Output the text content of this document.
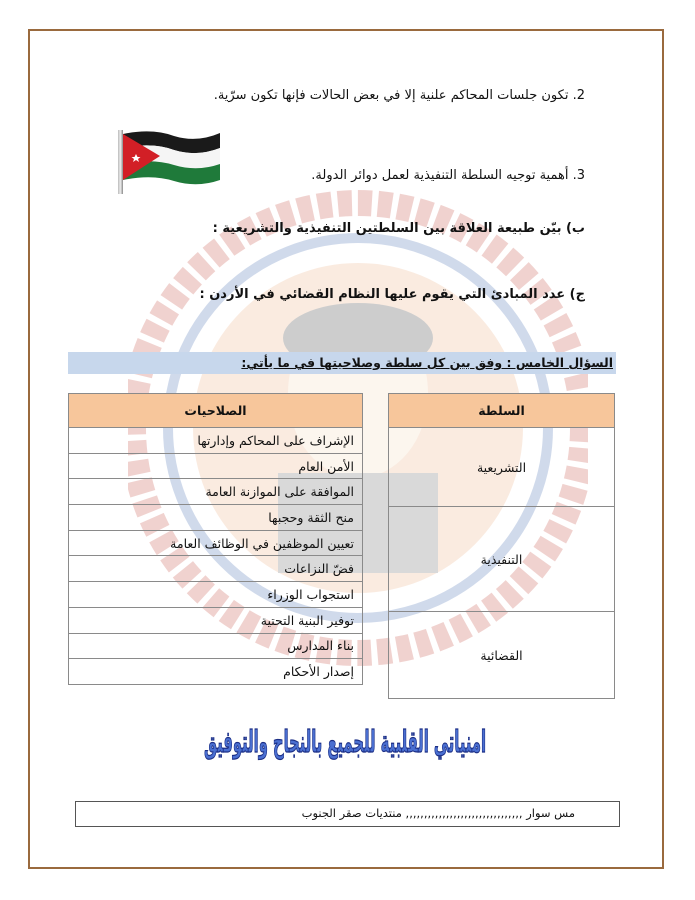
2. تكون جلسات المحاكم علنية إلا في بعض الحالات فإنها تكون سرّية.
3. أهمية توجيه السلطة التنفيذية لعمل دوائر الدولة.
ب) بيّن طبيعة العلاقة بين السلطتين التنفيذية والتشريعية :
ج) عدد المبادئ التي يقوم عليها النظام القضائي في الأردن :
السؤال الخامس : وفق بين كل سلطة وصلاحيتها في ما يأتي:
السلطة
التشريعية
التنفيذية
القضائية
الصلاحيات
الإشراف على المحاكم وإدارتها
الأمن العام
الموافقة على الموازنة العامة
منح الثقة وحجبها
تعيين الموظفين في الوظائف العامة
فضّ النزاعات
استجواب الوزراء
توفير البنية التحتية
بناء المدارس
إصدار الأحكام
امنياتي القلبية للجميع بالنجاح والتوفيق
مس سوار ,,,,,,,,,,,,,,,,,,,,,,,,,,,,,,,, منتديات صقر الجنوب
